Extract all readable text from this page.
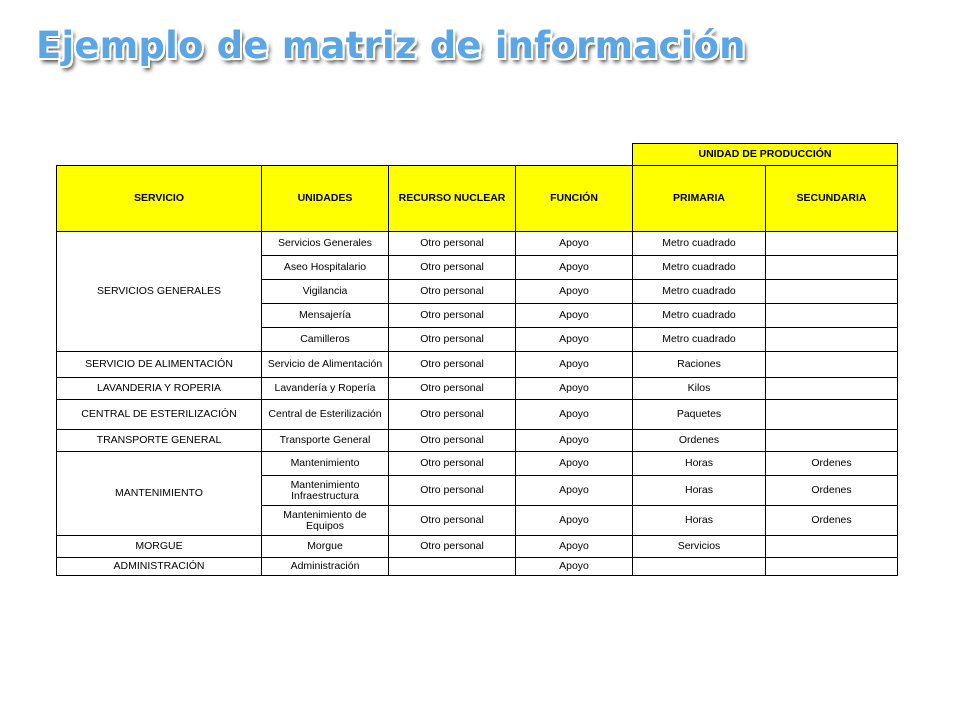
Ejemplo de matriz de información
				UNIDAD DE PRODUCCIÓN	
SERVICIO	UNIDADES	RECURSO NUCLEAR	FUNCIÓN	PRIMARIA	SECUNDARIA
SERVICIOS GENERALES	Servicios Generales	Otro personal	Apoyo	Metro cuadrado	
	Aseo Hospitalario	Otro personal	Apoyo	Metro cuadrado	
	Vigilancia	Otro personal	Apoyo	Metro cuadrado	
	Mensajería	Otro personal	Apoyo	Metro cuadrado	
	Camilleros	Otro personal	Apoyo	Metro cuadrado	
SERVICIO DE ALIMENTACIÓN	Servicio de Alimentación	Otro personal	Apoyo	Raciones	
LAVANDERIA Y ROPERIA	Lavandería y Ropería	Otro personal	Apoyo	Kilos	
CENTRAL DE ESTERILIZACIÓN	Central de Esterilización	Otro personal	Apoyo	Paquetes	
TRANSPORTE GENERAL	Transporte General	Otro personal	Apoyo	Ordenes	
MANTENIMIENTO	Mantenimiento	Otro personal	Apoyo	Horas	Ordenes
	Mantenimiento Infraestructura	Otro personal	Apoyo	Horas	Ordenes
	Mantenimiento de Equipos	Otro personal	Apoyo	Horas	Ordenes
MORGUE	Morgue	Otro personal	Apoyo	Servicios	
ADMINISTRACIÓN	Administración		Apoyo		
